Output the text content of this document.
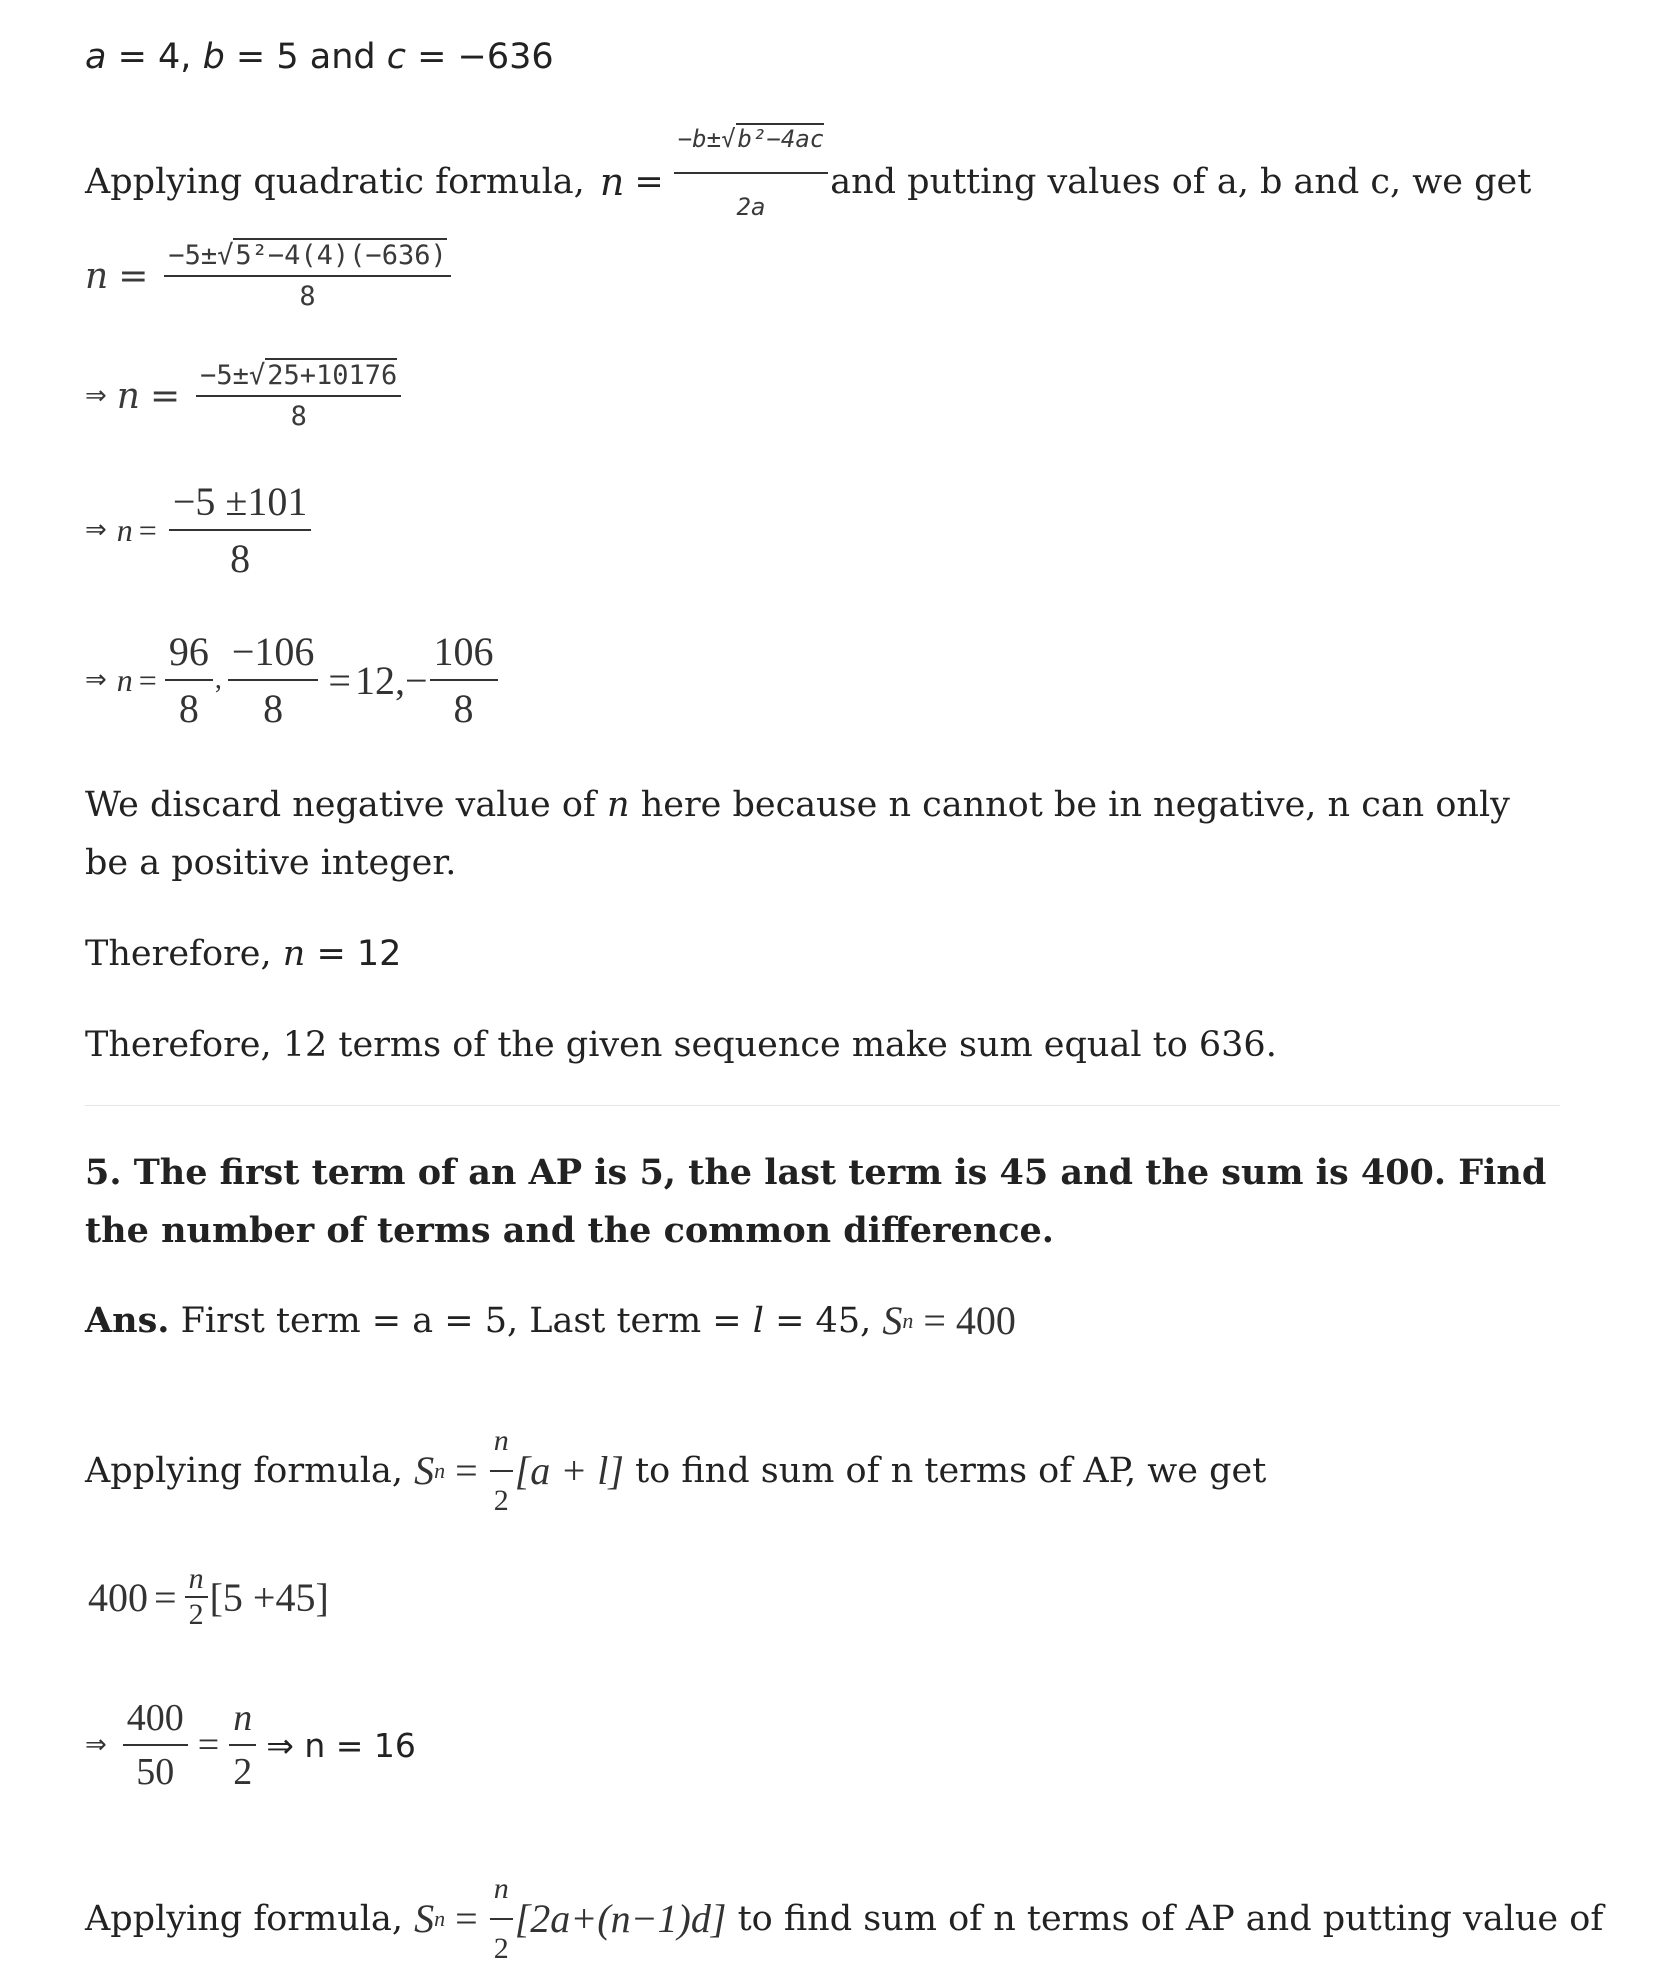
a = 4, b = 5 and c = −636
Applying quadratic formula, $n = \frac{\text{−b±√b²−4ac}}{2a}$ and putting values of a, b and c, we get
$n = \frac{\text{−5±√5²−4(4)(−636)}}{8}$
⇒ $n = \frac{-5\pm√25+10176}{8}$
⇒ $n = \frac{-5 \pm 101}{8}$
⇒ $n = \frac{96}{8}$ , $\frac{-106}{8} = 12$, − $\frac{106}{8}$
We discard negative value of n here because n cannot be in negative, n can only be a positive integer.
Therefore, n = 12
Therefore, 12 terms of the given sequence make sum equal to 636.
5. The first term of an AP is 5, the last term is 45 and the sum is 400. Find the number of terms and the common difference.
Ans. First term = a = 5, Last term = l = 45, S n = 400
Applying formula, S $n = \frac{n}{2} [a + l]$ to find sum of n terms of AP, we get
$400 = \frac{n}{2} [5 +45]$
⇒ $\frac{400}{50} = \frac{n}{2}$ ⇒ n = 16
Applying formula, S $n = \frac{n}{2} [2a+(n-1)d]$ to find sum of n terms of AP and putting value of
